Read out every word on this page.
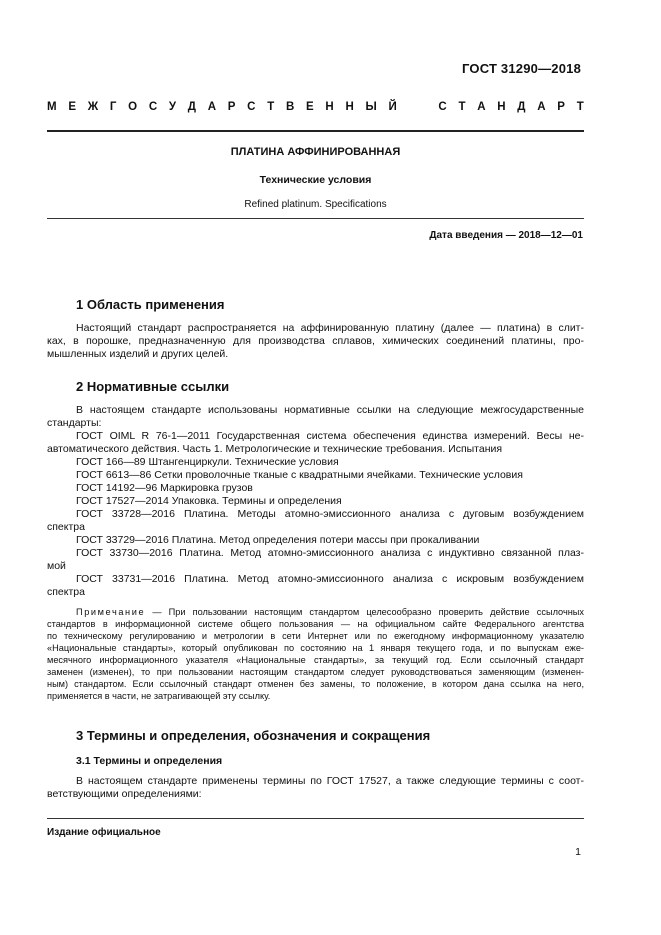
ГОСТ 31290—2018
М Е Ж Г О С У Д А Р С Т В Е Н Н Ы Й

	С Т А Н Д А Р Т
ПЛАТИНА АФФИНИРОВАННАЯ
Технические условия
Refined platinum. Specifications
Дата введения — 2018—12—01
1 Область применения
Настоящий стандарт распространяется на аффинированную платину (далее — платина) в слит-
ках, в порошке, предназначенную для производства сплавов, химических соединений платины, про-
мышленных изделий и других целей.
2 Нормативные ссылки
В настоящем стандарте использованы нормативные ссылки на следующие межгосударственные
стандарты:
ГОСТ OIML R 76-1—2011 Государственная система обеспечения единства измерений. Весы не-
автоматического действия. Часть 1. Метрологические и технические требования. Испытания
ГОСТ 166—89 Штангенциркули. Технические условия
ГОСТ 6613—86 Сетки проволочные тканые с квадратными ячейками. Технические условия
ГОСТ 14192—96 Маркировка грузов
ГОСТ 17527—2014 Упаковка. Термины и определения
ГОСТ 33728—2016 Платина. Методы атомно-эмиссионного анализа с дуговым возбуждением
спектра
ГОСТ 33729—2016 Платина. Метод определения потери массы при прокаливании
ГОСТ 33730—2016 Платина. Метод атомно-эмиссионного анализа с индуктивно связанной плаз-
мой
ГОСТ 33731—2016 Платина. Метод атомно-эмиссионного анализа с искровым возбуждением
спектра
Примечание — При пользовании настоящим стандартом целесообразно проверить действие ссылочных
стандартов в информационной системе общего пользования — на официальном сайте Федерального агентства
по техническому регулированию и метрологии в сети Интернет или по ежегодному информационному указателю
«Национальные стандарты», который опубликован по состоянию на 1 января текущего года, и по выпускам еже-
месячного информационного указателя «Национальные стандарты», за текущий год. Если ссылочный стандарт
заменен (изменен), то при пользовании настоящим стандартом следует руководствоваться заменяющим (изменен-
ным) стандартом. Если ссылочный стандарт отменен без замены, то положение, в котором дана ссылка на него,
применяется в части, не затрагивающей эту ссылку.
3 Термины и определения, обозначения и сокращения
3.1 Термины и определения
В настоящем стандарте применены термины по ГОСТ 17527, а также следующие термины с соот-
ветствующими определениями:
Издание официальное
1
